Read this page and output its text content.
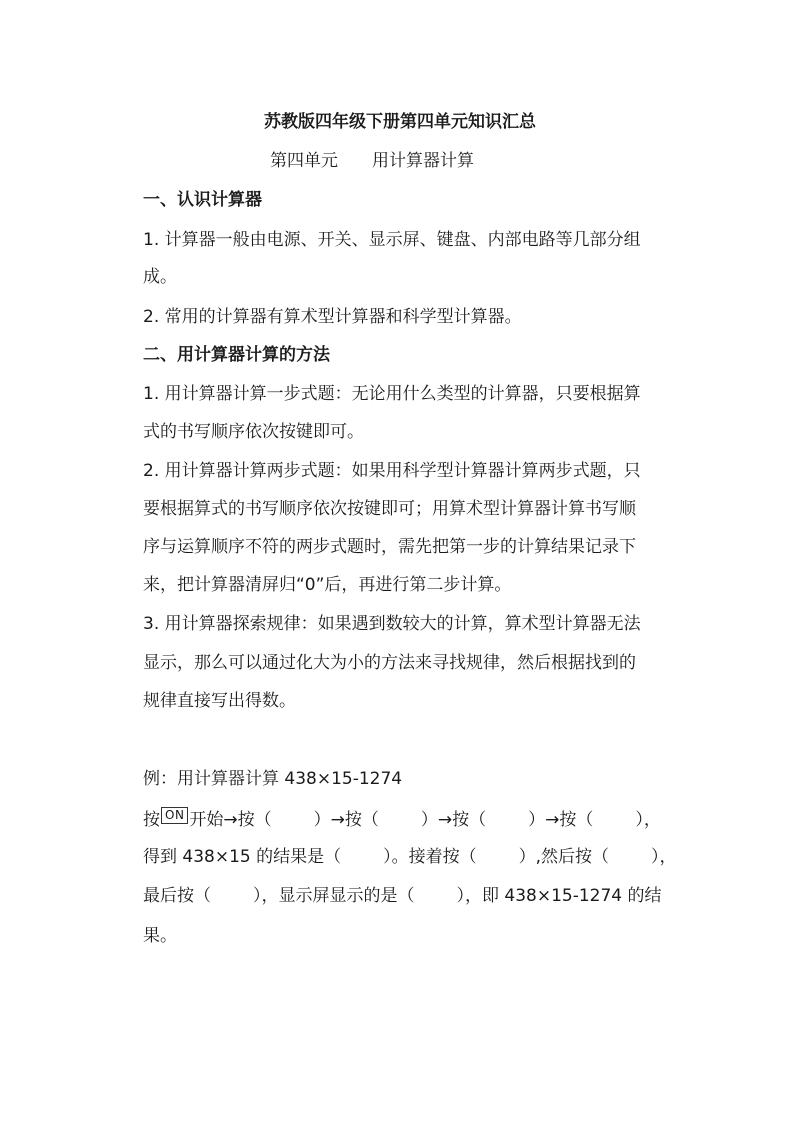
苏教版四年级下册第四单元知识汇总
第四单元 用计算器计算
一、认识计算器
1. 计算器一般由电源、开关、显示屏、键盘、内部电路等几部分组
成。
2. 常用的计算器有算术型计算器和科学型计算器。
二、用计算器计算的方法
1. 用计算器计算一步式题：无论用什么类型的计算器，只要根据算
式的书写顺序依次按键即可。
2. 用计算器计算两步式题：如果用科学型计算器计算两步式题，只
要根据算式的书写顺序依次按键即可；用算术型计算器计算书写顺
序与运算顺序不符的两步式题时，需先把第一步的计算结果记录下
来，把计算器清屏归“0”后，再进行第二步计算。
3. 用计算器探索规律：如果遇到数较大的计算，算术型计算器无法
显示，那么可以通过化大为小的方法来寻找规律，然后根据找到的
规律直接写出得数。
例：用计算器计算 438×15-1274
按 ON 开始→按（ ）→按（ ）→按（ ）→按（ ），
得到 438×15 的结果是（ ）。接着按（ ）,然后按（ ），
最后按（ ），显示屏显示的是（ ），即 438×15-1274 的结
果。
